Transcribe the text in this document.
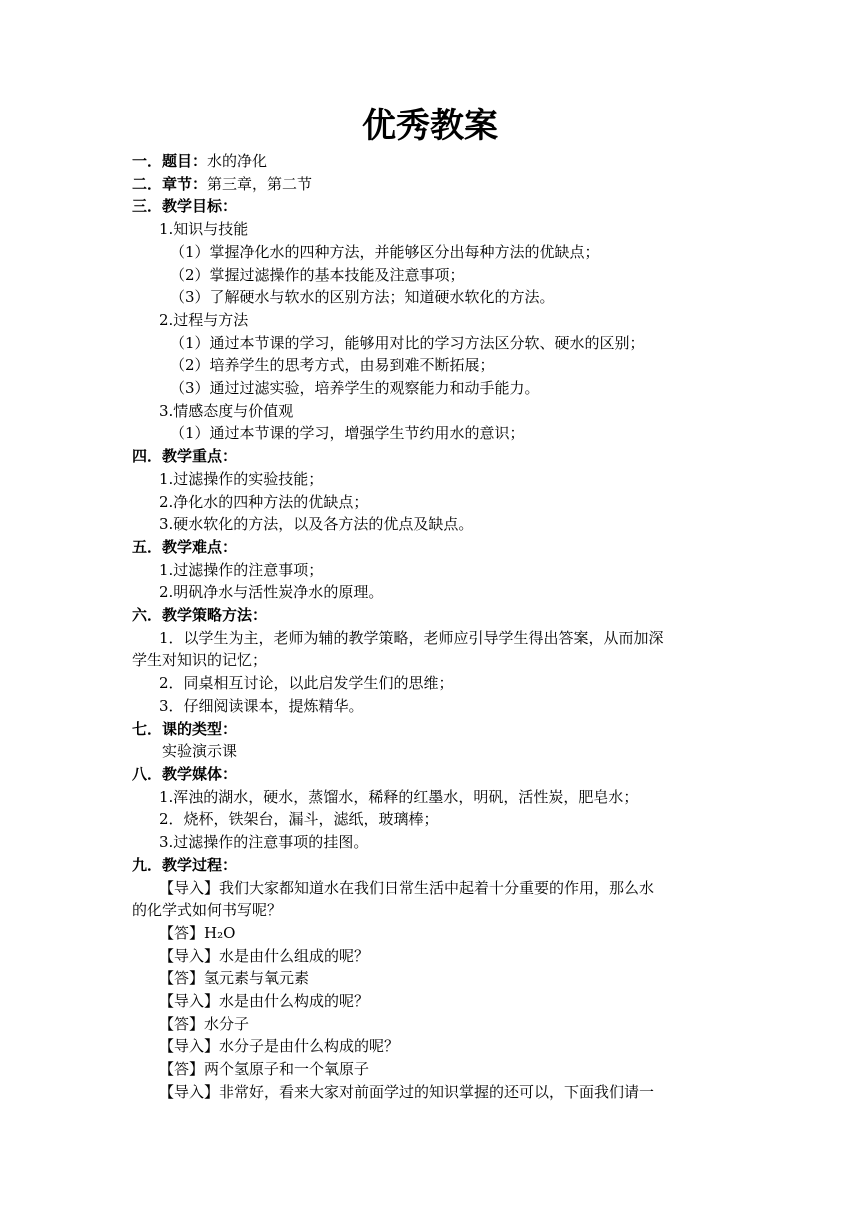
优秀教案

一．题目：水的净化

二．章节：第三章，第二节

三．教学目标：

1.知识与技能

（1）掌握净化水的四种方法，并能够区分出每种方法的优缺点；

（2）掌握过滤操作的基本技能及注意事项；

（3）了解硬水与软水的区别方法；知道硬水软化的方法。

2.过程与方法

（1）通过本节课的学习，能够用对比的学习方法区分软、硬水的区别；

（2）培养学生的思考方式，由易到难不断拓展；

（3）通过过滤实验，培养学生的观察能力和动手能力。

3.情感态度与价值观

（1）通过本节课的学习，增强学生节约用水的意识；

四．教学重点：

1.过滤操作的实验技能；

2.净化水的四种方法的优缺点；

3.硬水软化的方法，以及各方法的优点及缺点。

五．教学难点：

1.过滤操作的注意事项；

2.明矾净水与活性炭净水的原理。

六．教学策略方法：

1．以学生为主，老师为辅的教学策略，老师应引导学生得出答案，从而加深

学生对知识的记忆；

2．同桌相互讨论，以此启发学生们的思维；

3．仔细阅读课本，提炼精华。

七．课的类型：

实验演示课

八．教学媒体：

1.浑浊的湖水，硬水，蒸馏水，稀释的红墨水，明矾，活性炭，肥皂水；

2．烧杯，铁架台，漏斗，滤纸，玻璃棒；

3.过滤操作的注意事项的挂图。

九．教学过程：

【导入】我们大家都知道水在我们日常生活中起着十分重要的作用，那么水

的化学式如何书写呢？

【答】H₂O

【导入】水是由什么组成的呢？

【答】氢元素与氧元素

【导入】水是由什么构成的呢？

【答】水分子

【导入】水分子是由什么构成的呢？

【答】两个氢原子和一个氧原子

【导入】非常好，看来大家对前面学过的知识掌握的还可以，下面我们请一
